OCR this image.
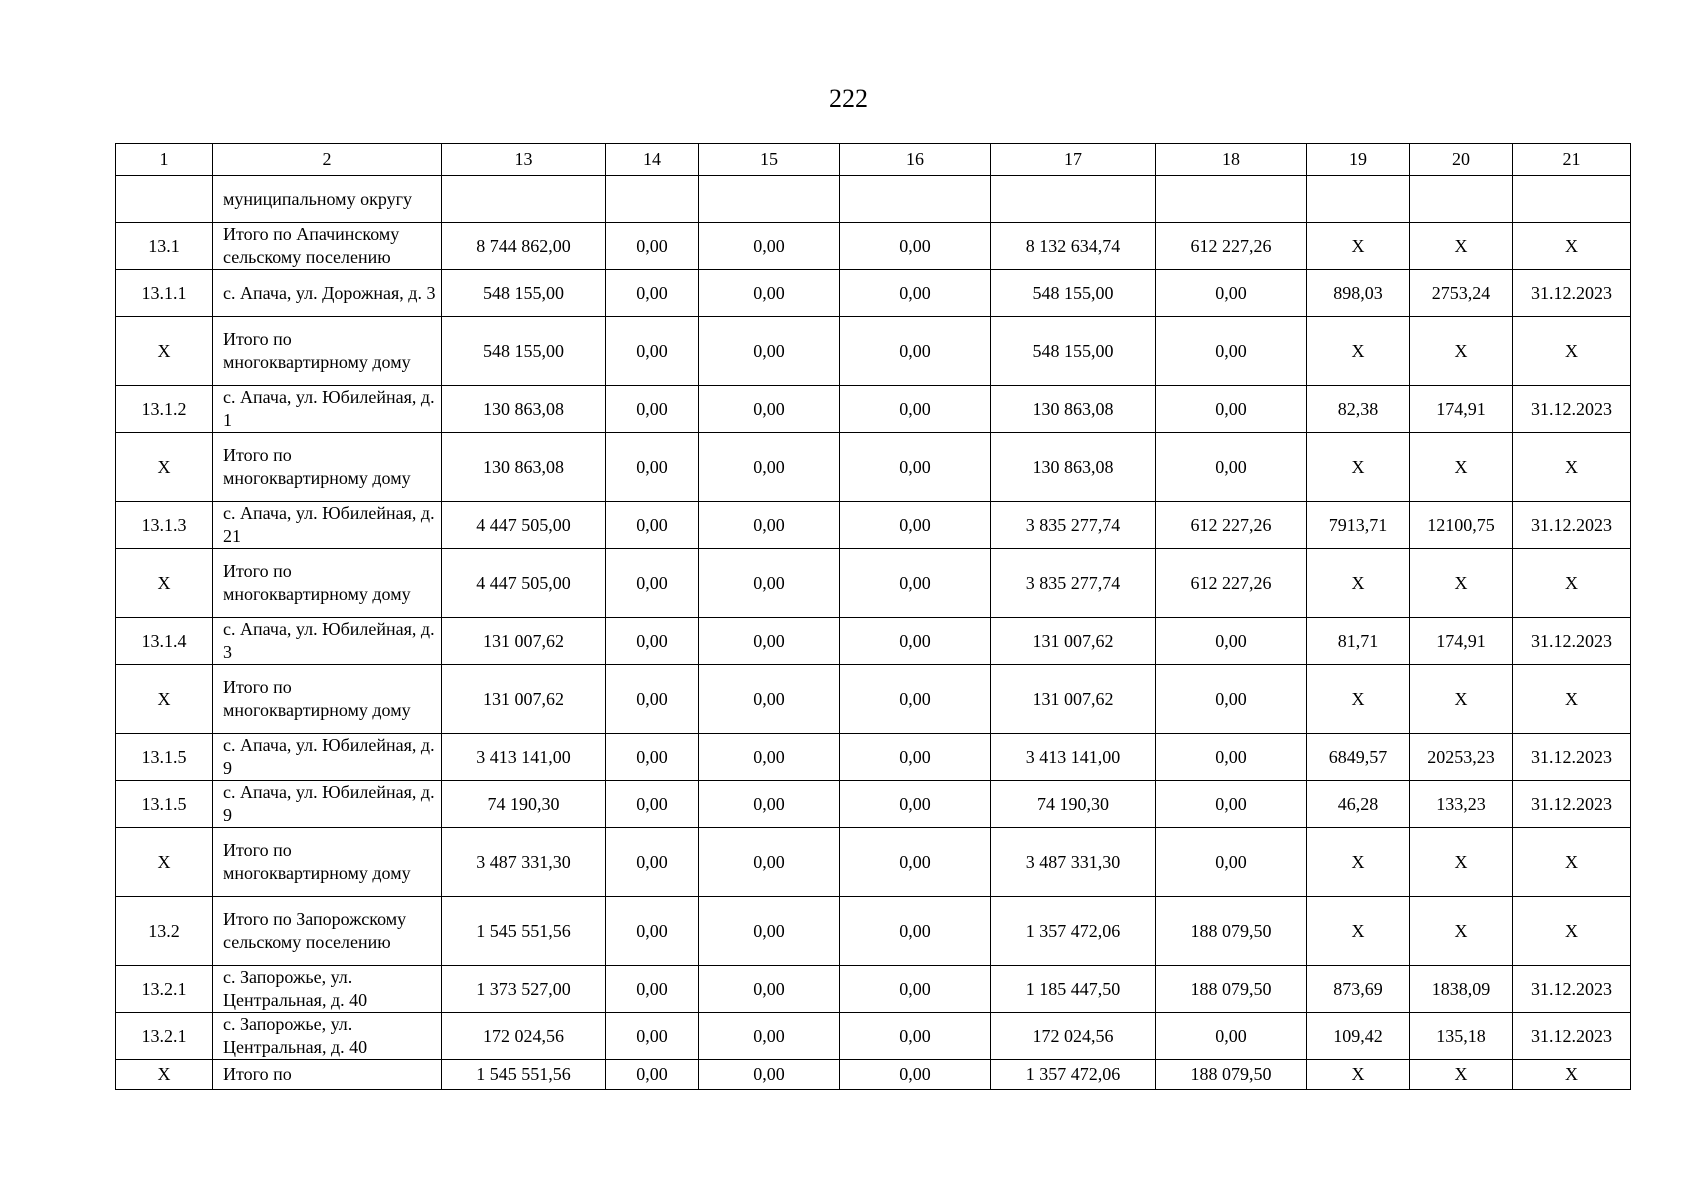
222
1	2	13	14	15	16	17	18	19	20	21
	муниципальному округу									
13.1	Итого по Апачинскому сельскому поселению	8 744 862,00	0,00	0,00	0,00	8 132 634,74	612 227,26	X	X	X
13.1.1	с. Апача, ул. Дорожная, д. 3	548 155,00	0,00	0,00	0,00	548 155,00	0,00	898,03	2753,24	31.12.2023
X	Итого по многоквартирному дому	548 155,00	0,00	0,00	0,00	548 155,00	0,00	X	X	X
13.1.2	с. Апача, ул. Юбилейная, д. 1	130 863,08	0,00	0,00	0,00	130 863,08	0,00	82,38	174,91	31.12.2023
X	Итого по многоквартирному дому	130 863,08	0,00	0,00	0,00	130 863,08	0,00	X	X	X
13.1.3	с. Апача, ул. Юбилейная, д. 21	4 447 505,00	0,00	0,00	0,00	3 835 277,74	612 227,26	7913,71	12100,75	31.12.2023
X	Итого по многоквартирному дому	4 447 505,00	0,00	0,00	0,00	3 835 277,74	612 227,26	X	X	X
13.1.4	с. Апача, ул. Юбилейная, д. 3	131 007,62	0,00	0,00	0,00	131 007,62	0,00	81,71	174,91	31.12.2023
X	Итого по многоквартирному дому	131 007,62	0,00	0,00	0,00	131 007,62	0,00	X	X	X
13.1.5	с. Апача, ул. Юбилейная, д. 9	3 413 141,00	0,00	0,00	0,00	3 413 141,00	0,00	6849,57	20253,23	31.12.2023
13.1.5	с. Апача, ул. Юбилейная, д. 9	74 190,30	0,00	0,00	0,00	74 190,30	0,00	46,28	133,23	31.12.2023
X	Итого по многоквартирному дому	3 487 331,30	0,00	0,00	0,00	3 487 331,30	0,00	X	X	X
13.2	Итого по Запорожскому сельскому поселению	1 545 551,56	0,00	0,00	0,00	1 357 472,06	188 079,50	X	X	X
13.2.1	с. Запорожье, ул. Центральная, д. 40	1 373 527,00	0,00	0,00	0,00	1 185 447,50	188 079,50	873,69	1838,09	31.12.2023
13.2.1	с. Запорожье, ул. Центральная, д. 40	172 024,56	0,00	0,00	0,00	172 024,56	0,00	109,42	135,18	31.12.2023
X	Итого по	1 545 551,56	0,00	0,00	0,00	1 357 472,06	188 079,50	X	X	X
